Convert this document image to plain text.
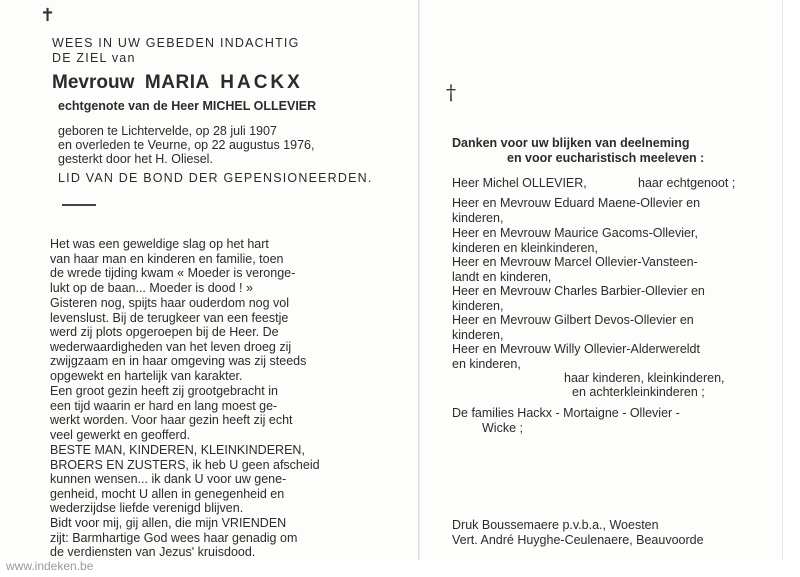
✝
WEES IN UW GEBEDEN INDACHTIG
DE ZIEL van
Mevrouw MARIA HACKX
echtgenote van de Heer MICHEL OLLEVIER
geboren te Lichtervelde, op 28 juli 1907
en overleden te Veurne, op 22 augustus 1976,
gesterkt door het H. Oliesel.
LID VAN DE BOND DER GEPENSIONEERDEN.
Het was een geweldige slag op het hart
van haar man en kinderen en familie, toen
de wrede tijding kwam « Moeder is veronge-
lukt op de baan... Moeder is dood ! »
Gisteren nog, spijts haar ouderdom nog vol
levenslust. Bij de terugkeer van een feestje
werd zij plots opgeroepen bij de Heer. De
wederwaardigheden van het leven droeg zij
zwijgzaam en in haar omgeving was zij steeds
opgewekt en hartelijk van karakter.
Een groot gezin heeft zij grootgebracht in
een tijd waarin er hard en lang moest ge-
werkt worden. Voor haar gezin heeft zij echt
veel gewerkt en geofferd.
BESTE MAN, KINDEREN, KLEINKINDEREN,
BROERS EN ZUSTERS, ik heb U geen afscheid
kunnen wensen... ik dank U voor uw gene-
genheid, mocht U allen in genegenheid en
wederzijdse liefde verenigd blijven.
Bidt voor mij, gij allen, die mijn VRIENDEN
zijt: Barmhartige God wees haar genadig om
de verdiensten van Jezus' kruisdood.
†
Danken voor uw blijken van deelneming
en voor eucharistisch meeleven :
Heer Michel OLLEVIER,	haar echtgenoot ;
Heer en Mevrouw Eduard Maene-Ollevier en
kinderen,
Heer en Mevrouw Maurice Gacoms-Ollevier,
kinderen en kleinkinderen,
Heer en Mevrouw Marcel Ollevier-Vansteen-
landt en kinderen,
Heer en Mevrouw Charles Barbier-Ollevier en
kinderen,
Heer en Mevrouw Gilbert Devos-Ollevier en
kinderen,
Heer en Mevrouw Willy Ollevier-Alderwereldt
en kinderen,
haar kinderen, kleinkinderen,
en achterkleinkinderen ;
De families Hackx - Mortaigne - Ollevier -
Wicke ;
Druk Boussemaere p.v.b.a., Woesten
Vert. André Huyghe-Ceulenaere, Beauvoorde
www.indeken.be
